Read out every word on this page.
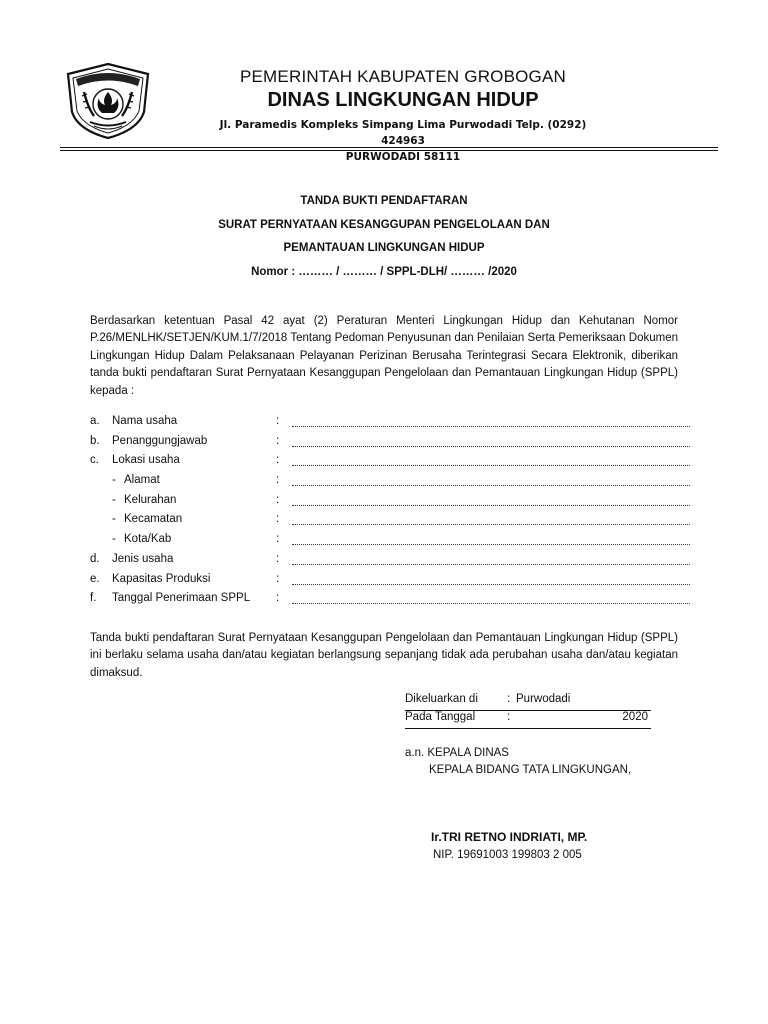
PEMERINTAH KABUPATEN GROBOGAN
DINAS LINGKUNGAN HIDUP
Jl. Paramedis Kompleks Simpang Lima Purwodadi Telp. (0292) 424963
PURWODADI 58111
TANDA BUKTI PENDAFTARAN
SURAT PERNYATAAN KESANGGUPAN PENGELOLAAN DAN
PEMANTAUAN LINGKUNGAN HIDUP
Nomor : ……… / ……… / SPPL-DLH/ ……… /2020
Berdasarkan ketentuan Pasal 42 ayat (2) Peraturan Menteri Lingkungan Hidup dan Kehutanan Nomor P.26/MENLHK/SETJEN/KUM.1/7/2018 Tentang Pedoman Penyusunan dan Penilaian Serta Pemeriksaan Dokumen Lingkungan Hidup Dalam Pelaksanaan Pelayanan Perizinan Berusaha Terintegrasi Secara Elektronik, diberikan tanda bukti pendaftaran Surat Pernyataan Kesanggupan Pengelolaan dan Pemantauan Lingkungan Hidup (SPPL) kepada :
a. Nama usaha	:
b. Penanggungjawab	:
c. Lokasi usaha	:
- Alamat	:
- Kelurahan	:
- Kecamatan	:
- Kota/Kab	:
d. Jenis usaha	:
e. Kapasitas Produksi	:
f. Tanggal Penerimaan SPPL :
Tanda bukti pendaftaran Surat Pernyataan Kesanggupan Pengelolaan dan Pemantauan Lingkungan Hidup (SPPL) ini berlaku selama usaha dan/atau kegiatan berlangsung sepanjang tidak ada perubahan usaha dan/atau kegiatan dimaksud.
Dikeluarkan di	: Purwodadi
Pada Tanggal	:	2020
a.n. KEPALA DINAS
KEPALA BIDANG TATA LINGKUNGAN,
Ir.TRI RETNO INDRIATI, MP.
NIP. 19691003 199803 2 005
